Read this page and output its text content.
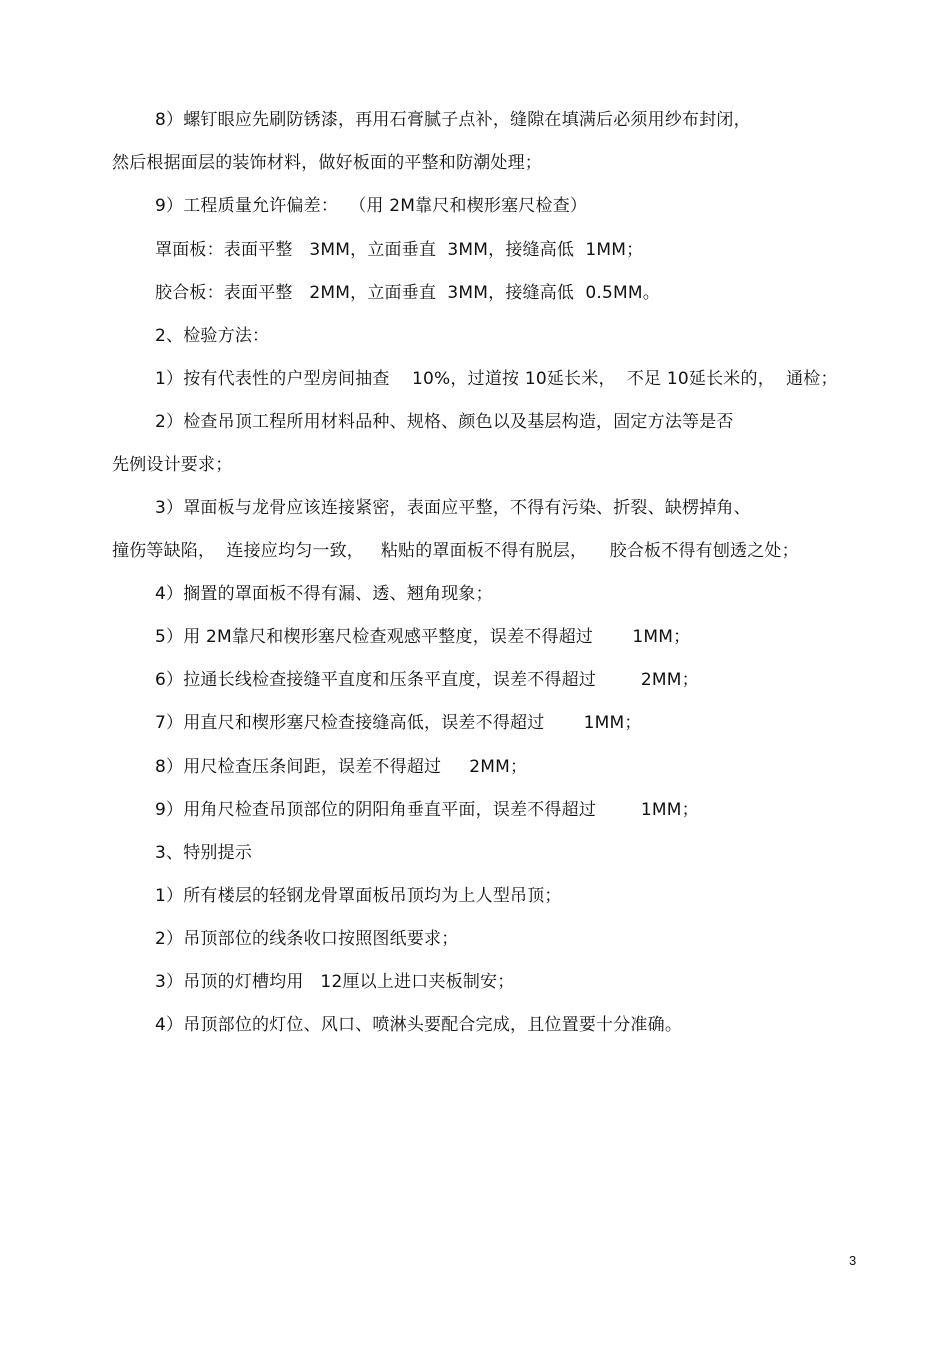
8）螺钉眼应先刷防锈漆，再用石膏腻子点补，缝隙在填满后必须用纱布封闭，
然后根据面层的装饰材料，做好板面的平整和防潮处理；
9）工程质量允许偏差：  （用 2M靠尺和楔形塞尺检查）
罩面板：表面平整   3MM，立面垂直  3MM，接缝高低  1MM；
胶合板：表面平整   2MM，立面垂直  3MM，接缝高低  0.5MM。
2、检验方法：
1）按有代表性的户型房间抽查    10%，过道按 10延长米，  不足 10延长米的，  通检；
2）检查吊顶工程所用材料品种、规格、颜色以及基层构造，固定方法等是否
先例设计要求；
3）罩面板与龙骨应该连接紧密，表面应平整，不得有污染、折裂、缺楞掉角、
撞伤等缺陷，  连接应均匀一致，   粘贴的罩面板不得有脱层，    胶合板不得有刨透之处；
4）搁置的罩面板不得有漏、透、翘角现象；
5）用 2M靠尺和楔形塞尺检查观感平整度，误差不得超过       1MM；
6）拉通长线检查接缝平直度和压条平直度，误差不得超过        2MM；
7）用直尺和楔形塞尺检查接缝高低，误差不得超过       1MM；
8）用尺检查压条间距，误差不得超过     2MM；
9）用角尺检查吊顶部位的阴阳角垂直平面，误差不得超过        1MM；
3、特别提示
1）所有楼层的轻钢龙骨罩面板吊顶均为上人型吊顶；
2）吊顶部位的线条收口按照图纸要求；
3）吊顶的灯槽均用   12厘以上进口夹板制安；
4）吊顶部位的灯位、风口、喷淋头要配合完成，且位置要十分准确。
3
